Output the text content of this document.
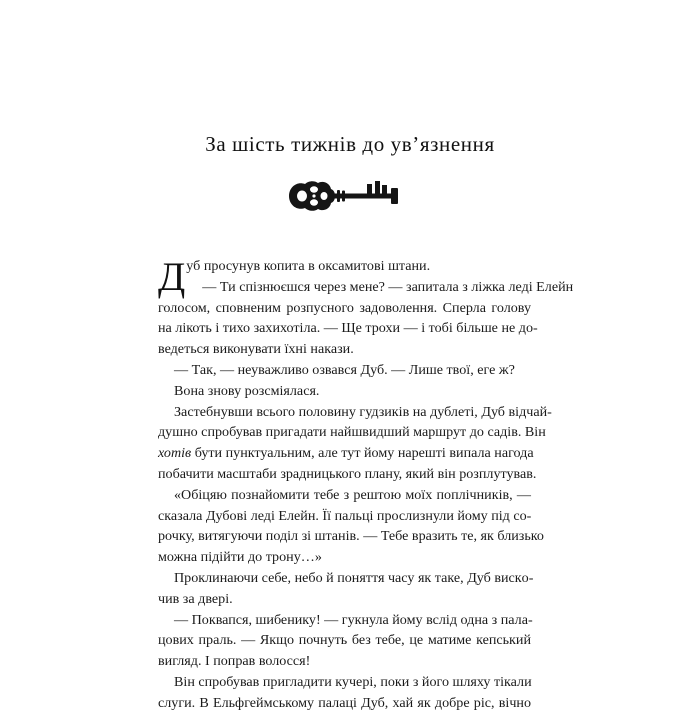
За шість тижнів до ув’язнення

Д уб просунув копита в оксамитові штани.

— Ти спізнюєшся через мене? — запитала з ліжка леді Елейн
голосом, сповненим розпусного задоволення. Сперла голову
на лікоть і тихо захихотіла. — Ще трохи — і тобі більше не до-
ведеться виконувати їхні накази.

— Так, — неуважливо озвався Дуб. — Лише твої, еге ж?

Вона знову розсміялася.

Застебнувши всього половину гудзиків на дублеті, Дуб відчай-
душно спробував пригадати найшвидший маршрут до садів. Він
хотів бути пунктуальним, але тут йому нарешті випала нагода
побачити масштаби зрадницького плану, який він розплутував.

«Обіцяю познайомити тебе з рештою моїх поплічників, —
сказала Дубові леді Елейн. Її пальці прослизнули йому під со-
рочку, витягуючи поділ зі штанів. — Тебе вразить те, як близько
можна підійти до трону…»

Проклинаючи себе, небо й поняття часу як таке, Дуб вискo-
чив за двері.

— Поквапся, шибенику! — гукнула йому вслід одна з пала-
цових праль. — Якщо почнуть без тебе, це матиме кепський
вигляд. І поправ волосся!

Він спробував пригладити кучері, поки з його шляху тікали
слуги. В Ельфгеймському палаці Дуб, хай як добре ріс, вічно
